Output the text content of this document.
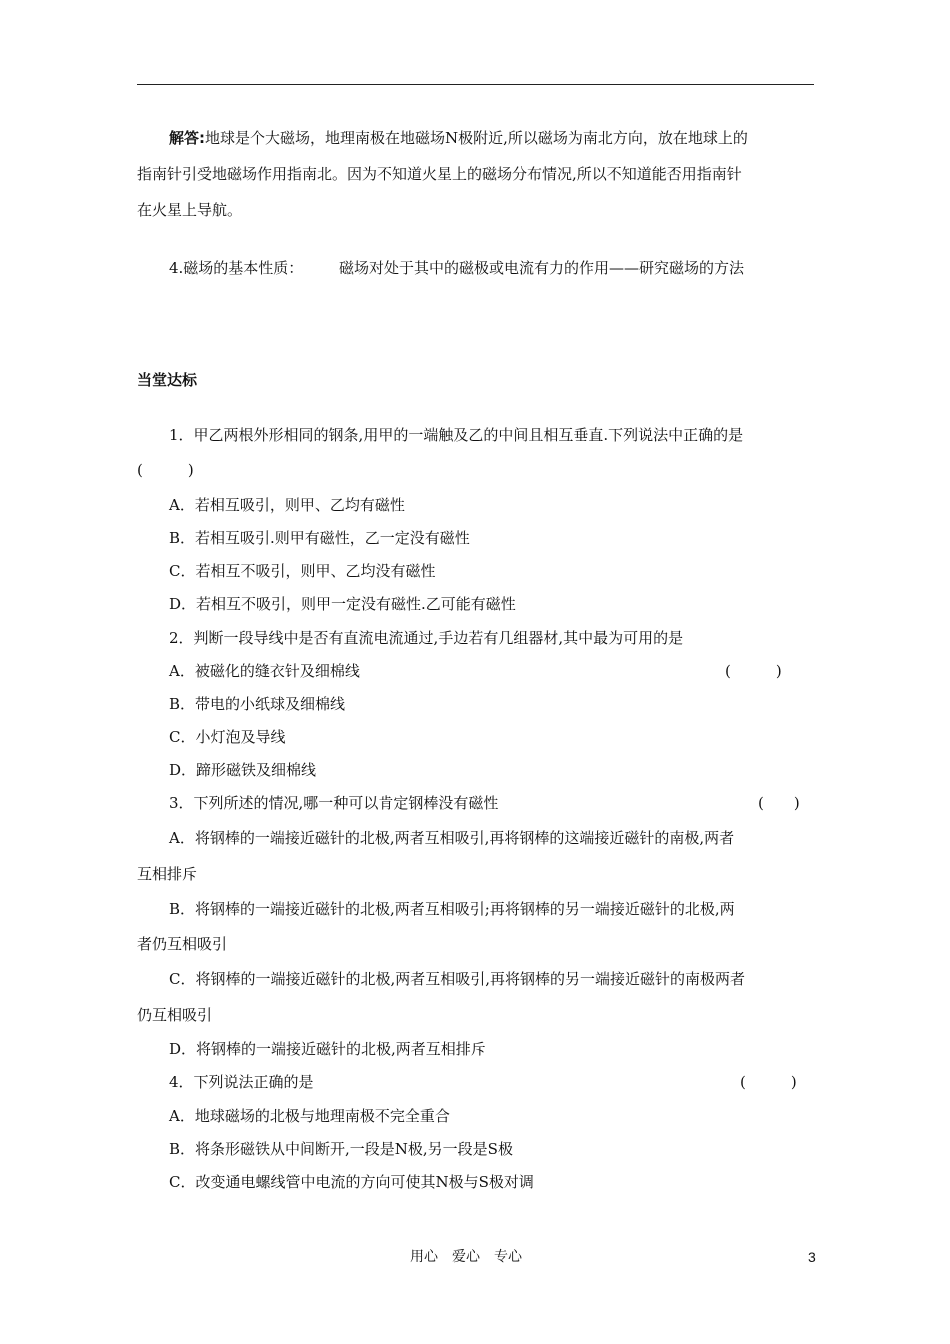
解答:地球是个大磁场，地理南极在地磁场N极附近,所以磁场为南北方向，放在地球上的
指南针引受地磁场作用指南北。因为不知道火星上的磁场分布情况,所以不知道能否用指南针
在火星上导航。
4.磁场的基本性质： 磁场对处于其中的磁极或电流有力的作用——研究磁场的方法
当堂达标
1．甲乙两根外形相同的钢条,用甲的一端触及乙的中间且相互垂直.下列说法中正确的是
(　　　)
A．若相互吸引，则甲、乙均有磁性
B．若相互吸引.则甲有磁性，乙一定没有磁性
C．若相互不吸引，则甲、乙均没有磁性
D．若相互不吸引，则甲一定没有磁性.乙可能有磁性
2．判断一段导线中是否有直流电流通过,手边若有几组器材,其中最为可用的是
A．被磁化的缝衣针及细棉线	(　　　)
B．带电的小纸球及细棉线
C．小灯泡及导线
D．蹄形磁铁及细棉线
3．下列所述的情况,哪一种可以肯定钢棒没有磁性	(　　)
A．将钢棒的一端接近磁针的北极,两者互相吸引,再将钢棒的这端接近磁针的南极,两者
互相排斥
B．将钢棒的一端接近磁针的北极,两者互相吸引;再将钢棒的另一端接近磁针的北极,两
者仍互相吸引
C．将钢棒的一端接近磁针的北极,两者互相吸引,再将钢棒的另一端接近磁针的南极两者
仍互相吸引
D．将钢棒的一端接近磁针的北极,两者互相排斥
4．下列说法正确的是	(　　　)
A．地球磁场的北极与地理南极不完全重合
B．将条形磁铁从中间断开,一段是N极,另一段是S极
C．改变通电螺线管中电流的方向可使其N极与S极对调
用心　爱心　专心	3
